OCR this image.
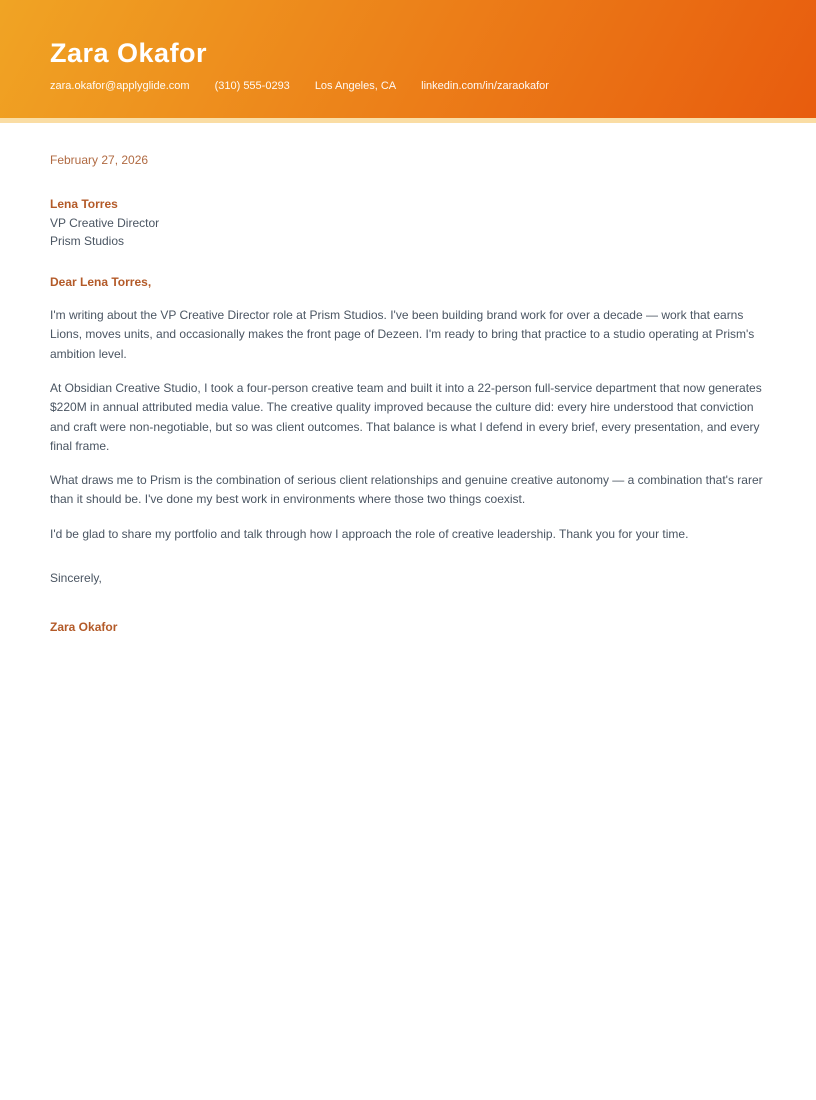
Zara Okafor
zara.okafor@applyglide.com (310) 555-0293 Los Angeles, CA linkedin.com/in/zaraokafor
February 27, 2026
Lena Torres
VP Creative Director
Prism Studios
Dear Lena Torres,

I'm writing about the VP Creative Director role at Prism Studios. I've been building brand work for over a decade — work that earns Lions, moves units, and occasionally makes the front page of Dezeen. I'm ready to bring that practice to a studio operating at Prism's ambition level.

At Obsidian Creative Studio, I took a four-person creative team and built it into a 22-person full-service department that now generates $220M in annual attributed media value. The creative quality improved because the culture did: every hire understood that conviction and craft were non-negotiable, but so was client outcomes. That balance is what I defend in every brief, every presentation, and every final frame.

What draws me to Prism is the combination of serious client relationships and genuine creative autonomy — a combination that's rarer than it should be. I've done my best work in environments where those two things coexist.

I'd be glad to share my portfolio and talk through how I approach the role of creative leadership. Thank you for your time.

Sincerely,
Zara Okafor
